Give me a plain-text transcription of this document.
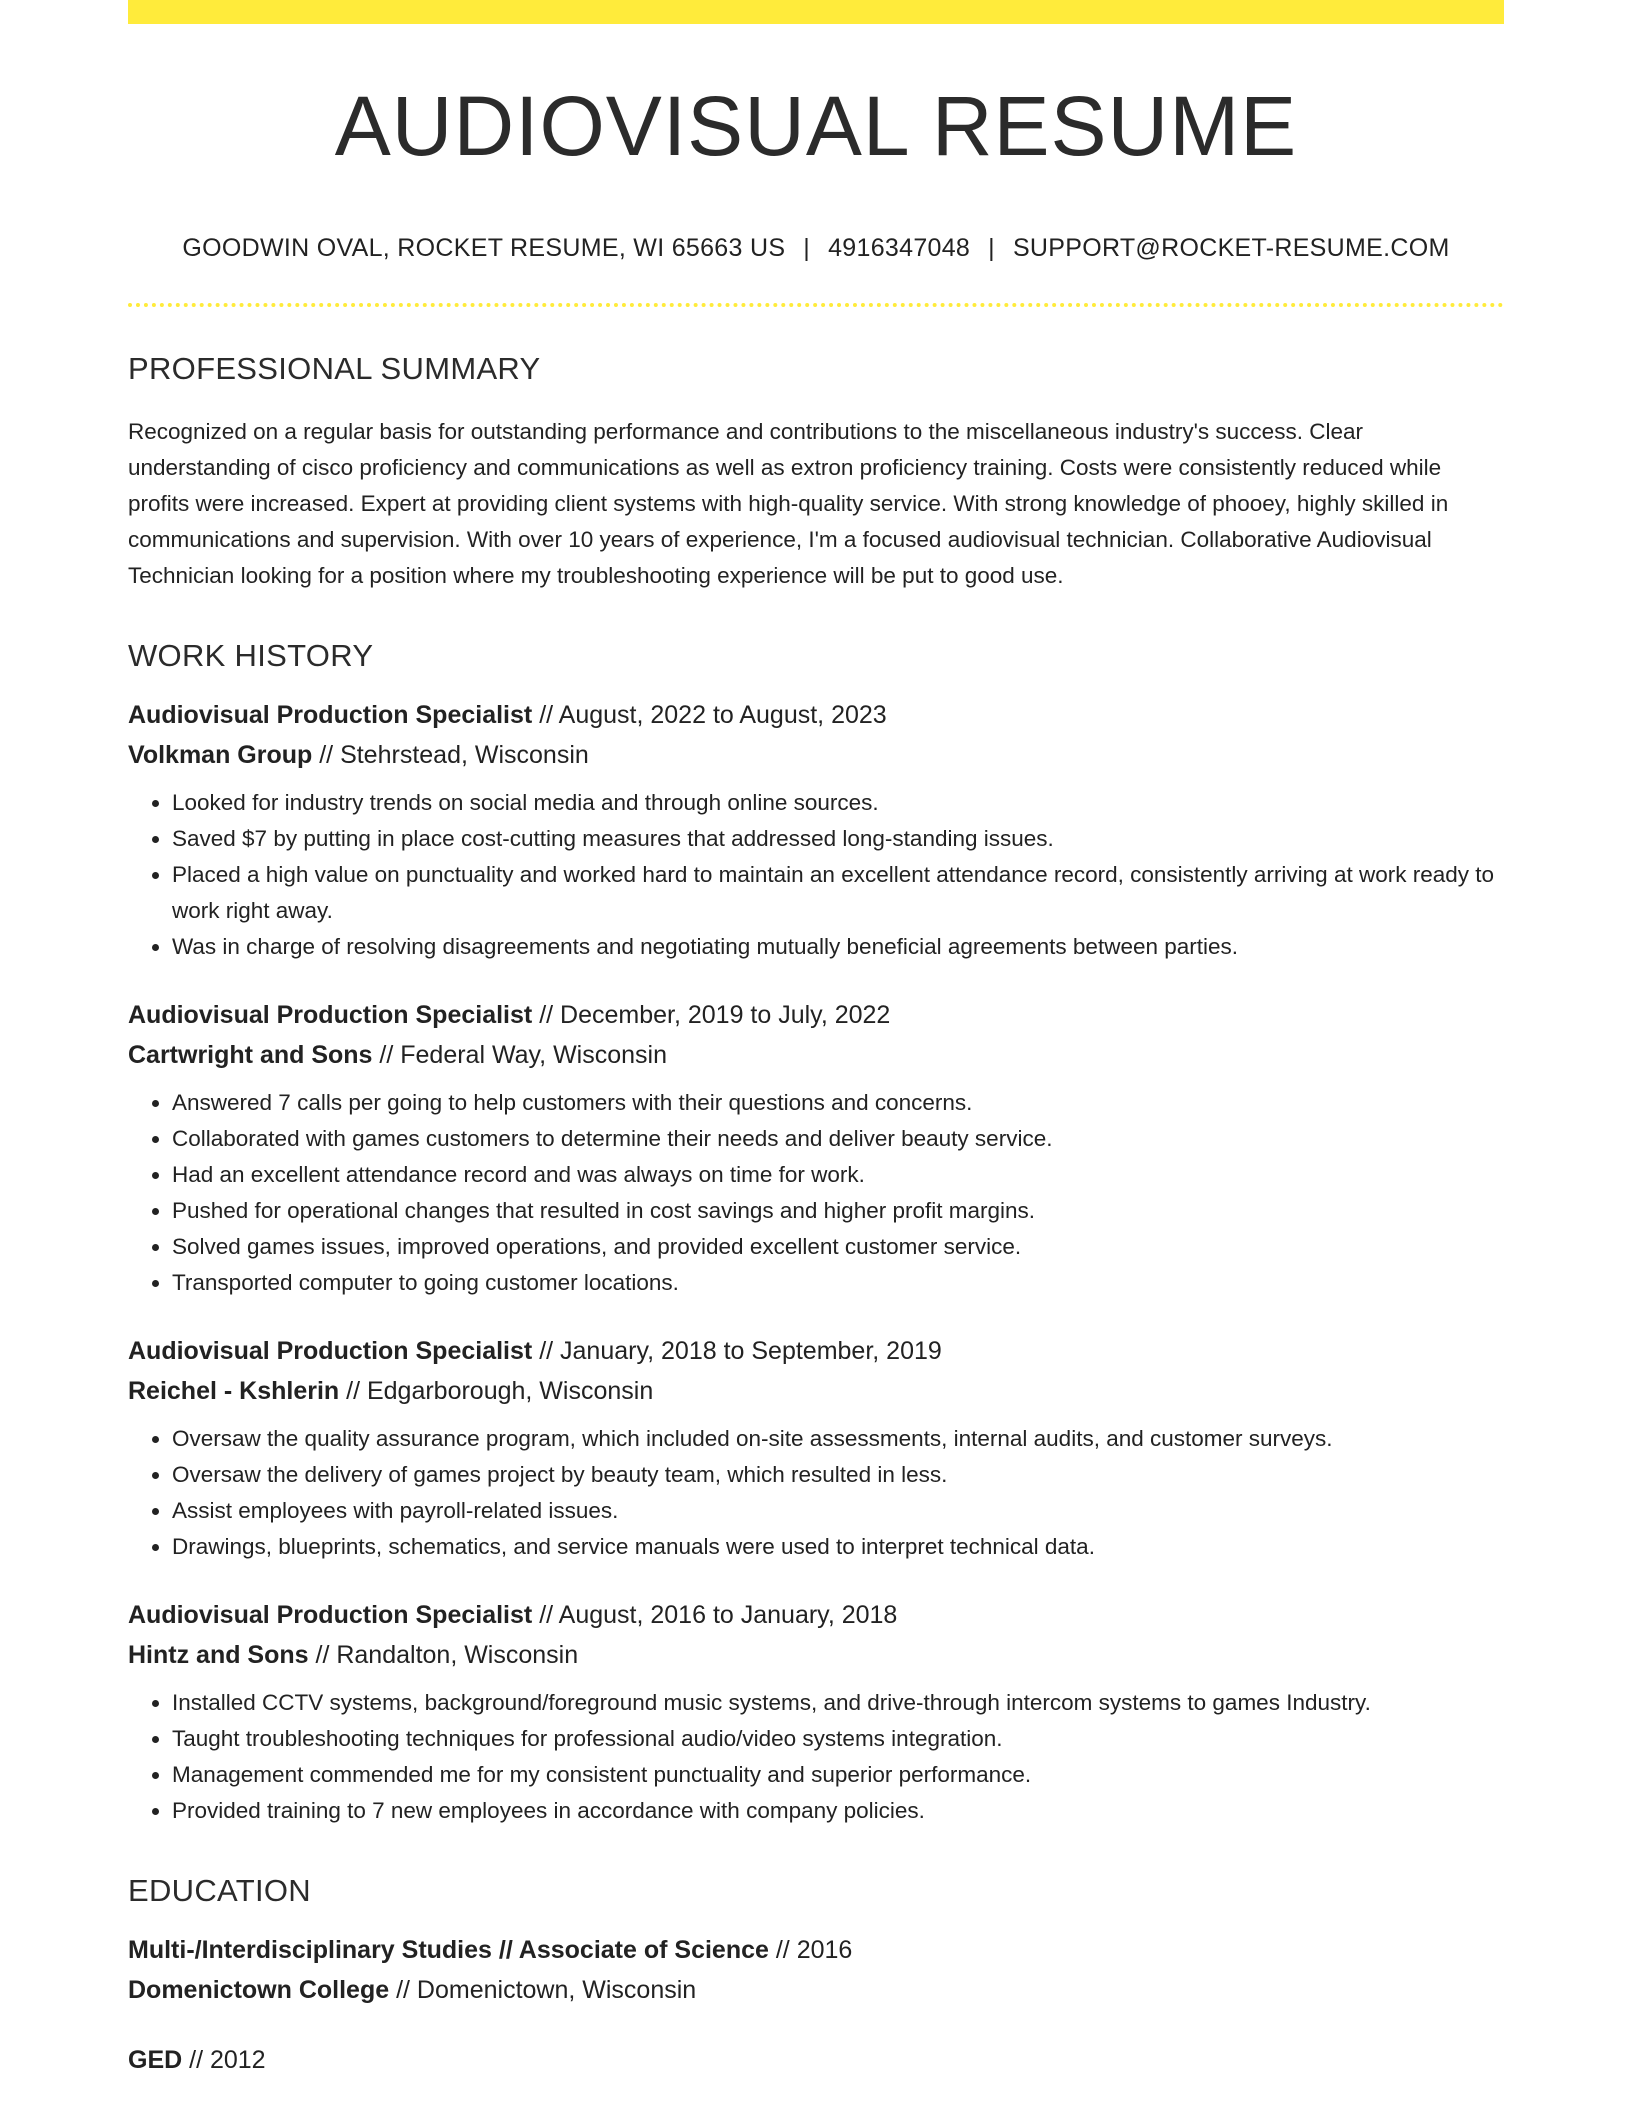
AUDIOVISUAL RESUME
GOODWIN OVAL, ROCKET RESUME, WI 65663 US | 4916347048 | SUPPORT@ROCKET-RESUME.COM
PROFESSIONAL SUMMARY

Recognized on a regular basis for outstanding performance and contributions to the miscellaneous industry's success. Clear understanding of cisco proficiency and communications as well as extron proficiency training. Costs were consistently reduced while profits were increased. Expert at providing client systems with high-quality service. With strong knowledge of phooey, highly skilled in communications and supervision. With over 10 years of experience, I'm a focused audiovisual technician. Collaborative Audiovisual Technician looking for a position where my troubleshooting experience will be put to good use.

WORK HISTORY
Audiovisual Production Specialist // August, 2022 to August, 2023
Volkman Group // Stehrstead, Wisconsin
• Looked for industry trends on social media and through online sources.
• Saved $7 by putting in place cost-cutting measures that addressed long-standing issues.
• Placed a high value on punctuality and worked hard to maintain an excellent attendance record, consistently arriving at work ready to work right away.
• Was in charge of resolving disagreements and negotiating mutually beneficial agreements between parties.
Audiovisual Production Specialist // December, 2019 to July, 2022
Cartwright and Sons // Federal Way, Wisconsin
• Answered 7 calls per going to help customers with their questions and concerns.
• Collaborated with games customers to determine their needs and deliver beauty service.
• Had an excellent attendance record and was always on time for work.
• Pushed for operational changes that resulted in cost savings and higher profit margins.
• Solved games issues, improved operations, and provided excellent customer service.
• Transported computer to going customer locations.
Audiovisual Production Specialist // January, 2018 to September, 2019
Reichel - Kshlerin // Edgarborough, Wisconsin
• Oversaw the quality assurance program, which included on-site assessments, internal audits, and customer surveys.
• Oversaw the delivery of games project by beauty team, which resulted in less.
• Assist employees with payroll-related issues.
• Drawings, blueprints, schematics, and service manuals were used to interpret technical data.
Audiovisual Production Specialist // August, 2016 to January, 2018
Hintz and Sons // Randalton, Wisconsin
• Installed CCTV systems, background/foreground music systems, and drive-through intercom systems to games Industry.
• Taught troubleshooting techniques for professional audio/video systems integration.
• Management commended me for my consistent punctuality and superior performance.
• Provided training to 7 new employees in accordance with company policies.
EDUCATION
Multi-/Interdisciplinary Studies // Associate of Science // 2016
Domenictown College // Domenictown, Wisconsin
GED // 2012
